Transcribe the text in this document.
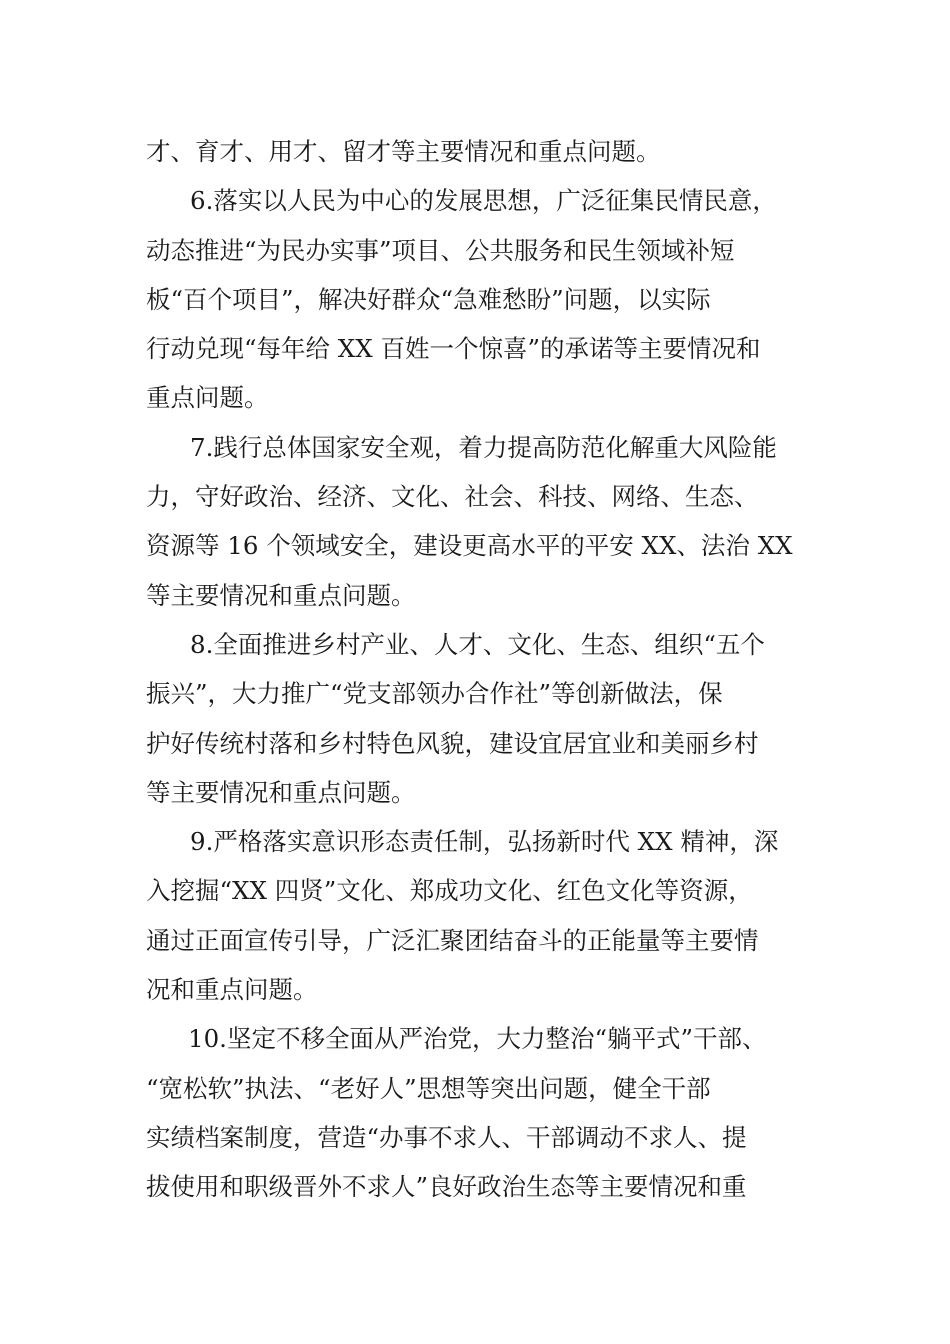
才、育才、用才、留才等主要情况和重点问题。
6.落实以人民为中心的发展思想，广泛征集民情民意，
动态推进“为民办实事”项目、公共服务和民生领域补短
板“百个项目”，解决好群众“急难愁盼”问题，以实际
行动兑现“每年给 XX 百姓一个惊喜”的承诺等主要情况和
重点问题。
7.践行总体国家安全观，着力提高防范化解重大风险能
力，守好政治、经济、文化、社会、科技、网络、生态、
资源等 16 个领域安全，建设更高水平的平安 XX、法治 XX
等主要情况和重点问题。
8.全面推进乡村产业、人才、文化、生态、组织“五个
振兴”，大力推广“党支部领办合作社”等创新做法，保
护好传统村落和乡村特色风貌，建设宜居宜业和美丽乡村
等主要情况和重点问题。
9.严格落实意识形态责任制，弘扬新时代 XX 精神，深
入挖掘“XX 四贤”文化、郑成功文化、红色文化等资源，
通过正面宣传引导，广泛汇聚团结奋斗的正能量等主要情
况和重点问题。
10.坚定不移全面从严治党，大力整治“躺平式”干部、
“宽松软”执法、“老好人”思想等突出问题，健全干部
实绩档案制度，营造“办事不求人、干部调动不求人、提
拔使用和职级晋外不求人”良好政治生态等主要情况和重
